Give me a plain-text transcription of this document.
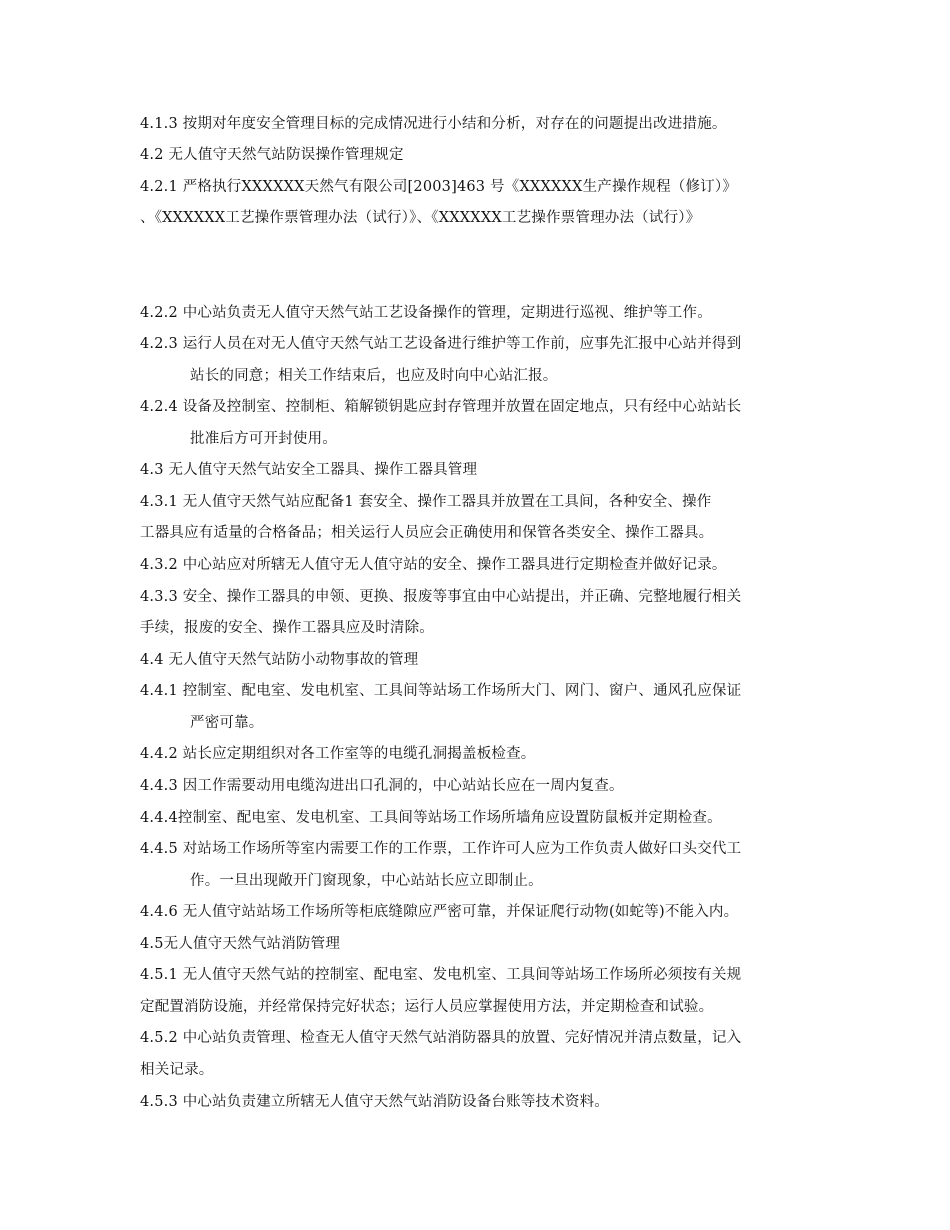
4.1.3 按期对年度安全管理目标的完成情况进行小结和分析，对存在的问题提出改进措施。
4.2 无人值守天然气站防误操作管理规定
4.2.1 严格执行XXXXXX天然气有限公司[2003]463 号《XXXXXX生产操作规程（修订）》
、《XXXXXX工艺操作票管理办法（试行）》、《XXXXXX工艺操作票管理办法（试行）》
4.2.2 中心站负责无人值守天然气站工艺设备操作的管理，定期进行巡视、维护等工作。
4.2.3 运行人员在对无人值守天然气站工艺设备进行维护等工作前，应事先汇报中心站并得到
站长的同意；相关工作结束后，也应及时向中心站汇报。
4.2.4 设备及控制室、控制柜、箱解锁钥匙应封存管理并放置在固定地点，只有经中心站站长
批准后方可开封使用。
4.3 无人值守天然气站安全工器具、操作工器具管理
4.3.1 无人值守天然气站应配备1 套安全、操作工器具并放置在工具间，各种安全、操作
工器具应有适量的合格备品；相关运行人员应会正确使用和保管各类安全、操作工器具。
4.3.2 中心站应对所辖无人值守无人值守站的安全、操作工器具进行定期检查并做好记录。
4.3.3 安全、操作工器具的申领、更换、报废等事宜由中心站提出，并正确、完整地履行相关
手续，报废的安全、操作工器具应及时清除。
4.4 无人值守天然气站防小动物事故的管理
4.4.1 控制室、配电室、发电机室、工具间等站场工作场所大门、网门、窗户、通风孔应保证
严密可靠。
4.4.2 站长应定期组织对各工作室等的电缆孔洞揭盖板检查。
4.4.3 因工作需要动用电缆沟进出口孔洞的，中心站站长应在一周内复查。
4.4.4控制室、配电室、发电机室、工具间等站场工作场所墙角应设置防鼠板并定期检查。
4.4.5 对站场工作场所等室内需要工作的工作票，工作许可人应为工作负责人做好口头交代工
作。一旦出现敞开门窗现象，中心站站长应立即制止。
4.4.6 无人值守站站场工作场所等柜底缝隙应严密可靠，并保证爬行动物(如蛇等)不能入内。
4.5无人值守天然气站消防管理
4.5.1 无人值守天然气站的控制室、配电室、发电机室、工具间等站场工作场所必须按有关规
定配置消防设施，并经常保持完好状态；运行人员应掌握使用方法，并定期检查和试验。
4.5.2 中心站负责管理、检查无人值守天然气站消防器具的放置、完好情况并清点数量，记入
相关记录。
4.5.3 中心站负责建立所辖无人值守天然气站消防设备台账等技术资料。
